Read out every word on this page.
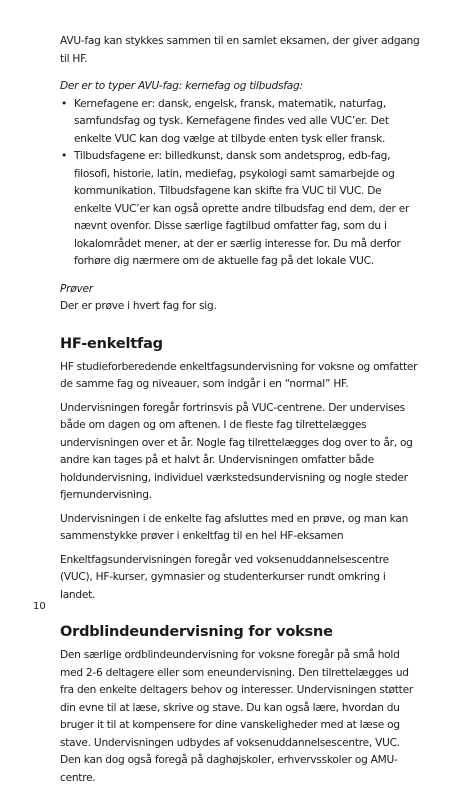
AVU-fag kan stykkes sammen til en samlet eksamen, der giver adgang til HF.

Der er to typer AVU-fag: kernefag og tilbudsfag:

• Kernefagene er: dansk, engelsk, fransk, matematik, naturfag, samfundsfag og tysk. Kernefagene findes ved alle VUC’er. Det enkelte VUC kan dog vælge at tilbyde enten tysk eller fransk.
• Tilbudsfagene er: billedkunst, dansk som andetsprog, edb-fag, filosofi, historie, latin, mediefag, psykologi samt samarbejde og kommunikation. Tilbudsfagene kan skifte fra VUC til VUC. De enkelte VUC’er kan også oprette andre tilbudsfag end dem, der er nævnt ovenfor. Disse særlige fagtilbud omfatter fag, som du i lokalområdet mener, at der er særlig interesse for. Du må derfor forhøre dig nærmere om de aktuelle fag på det lokale VUC.

Prøver

Der er prøve i hvert fag for sig.

HF-enkeltfag

HF studieforberedende enkeltfagsundervisning for voksne og omfatter de samme fag og niveauer, som indgår i en “normal” HF.

Undervisningen foregår fortrinsvis på VUC-centrene. Der undervises både om dagen og om aftenen. I de fleste fag tilrettelægges undervisningen over et år. Nogle fag tilrettelægges dog over to år, og andre kan tages på et halvt år. Undervisningen omfatter både holdundervisning, individuel værkstedsundervisning og nogle steder fjernundervisning.

Undervisningen i de enkelte fag afsluttes med en prøve, og man kan sammenstykke prøver i enkeltfag til en hel HF-eksamen

Enkeltfagsundervisningen foregår ved voksenuddannelsescentre (VUC), HF-kurser, gymnasier og studenterkurser rundt omkring i landet.

Ordblindeundervisning for voksne

Den særlige ordblindeundervisning for voksne foregår på små hold med 2-6 deltagere eller som eneundervisning. Den tilrettelægges ud fra den enkelte deltagers behov og interesser. Undervisningen støtter din evne til at læse, skrive og stave. Du kan også lære, hvordan du bruger it til at kompensere for dine vanskeligheder med at læse og stave. Undervisningen udbydes af voksenuddannelsescentre, VUC. Den kan dog også foregå på daghøjskoler, erhvervsskoler og AMU-centre.

10
